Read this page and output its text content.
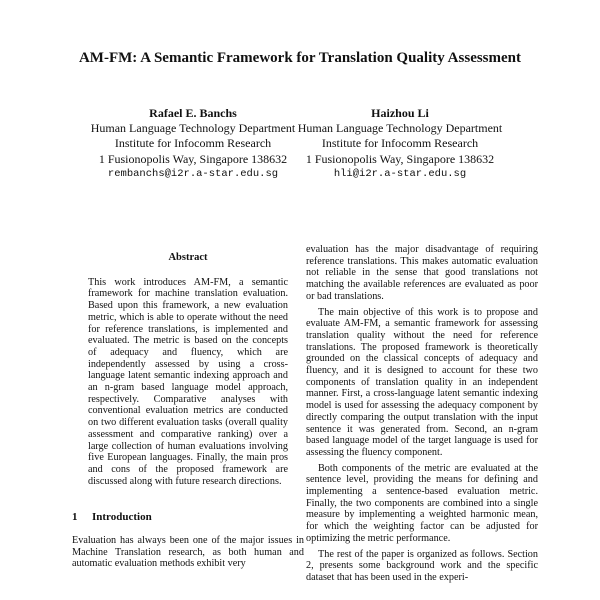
AM-FM: A Semantic Framework for Translation Quality Assessment
Rafael E. Banchs
Human Language Technology Department
Institute for Infocomm Research
1 Fusionopolis Way, Singapore 138632
rembanchs@i2r.a-star.edu.sg
Haizhou Li
Human Language Technology Department
Institute for Infocomm Research
1 Fusionopolis Way, Singapore 138632
hli@i2r.a-star.edu.sg
Abstract

This work introduces AM-FM, a semantic framework for machine translation evaluation. Based upon this framework, a new evaluation metric, which is able to operate without the need for reference translations, is implemented and evaluated. The metric is based on the concepts of adequacy and fluency, which are independently assessed by using a cross-language latent semantic indexing approach and an n-gram based language model approach, respectively. Comparative analyses with conventional evaluation metrics are conducted on two different evaluation tasks (overall quality assessment and comparative ranking) over a large collection of human evaluations involving five European languages. Finally, the main pros and cons of the proposed framework are discussed along with future research directions.

1 Introduction

Evaluation has always been one of the major issues in Machine Translation research, as both human and automatic evaluation methods exhibit very

evaluation has the major disadvantage of requiring reference translations. This makes automatic evaluation not reliable in the sense that good translations not matching the available references are evaluated as poor or bad translations.

The main objective of this work is to propose and evaluate AM-FM, a semantic framework for assessing translation quality without the need for reference translations. The proposed framework is theoretically grounded on the classical concepts of adequacy and fluency, and it is designed to account for these two components of translation quality in an independent manner. First, a cross-language latent semantic indexing model is used for assessing the adequacy component by directly comparing the output translation with the input sentence it was generated from. Second, an n-gram based language model of the target language is used for assessing the fluency component.

Both components of the metric are evaluated at the sentence level, providing the means for defining and implementing a sentence-based evaluation metric. Finally, the two components are combined into a single measure by implementing a weighted harmonic mean, for which the weighting factor can be adjusted for optimizing the metric performance.

The rest of the paper is organized as follows. Section 2, presents some background work and the specific dataset that has been used in the experi-
